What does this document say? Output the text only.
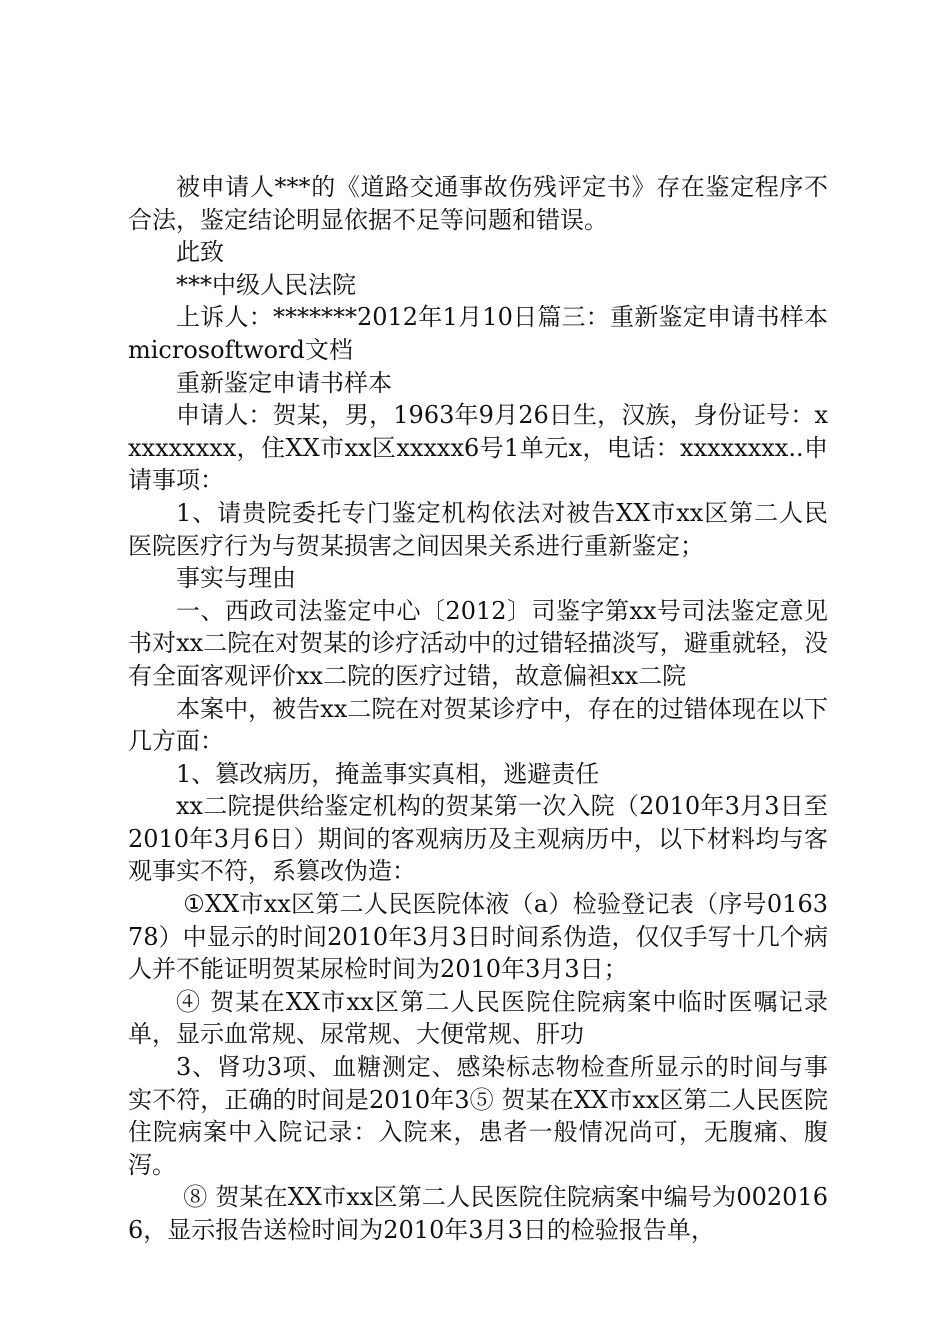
被申请人***的《道路交通事故伤残评定书》存在鉴定程序不合法，鉴定结论明显依据不足等问题和错误。

此致

***中级人民法院

上诉人：*******2012年1月10日篇三：重新鉴定申请书样本microsoftword文档

重新鉴定申请书样本

申请人：贺某，男，1963年9月26日生，汉族，身份证号：xxxxxxxxx，住XX市xx区xxxxx6号1单元x，电话：xxxxxxxx..申请事项：

1、请贵院委托专门鉴定机构依法对被告XX市xx区第二人民医院医疗行为与贺某损害之间因果关系进行重新鉴定；

事实与理由

一、西政司法鉴定中心〔2012〕司鉴字第xx号司法鉴定意见书对xx二院在对贺某的诊疗活动中的过错轻描淡写，避重就轻，没有全面客观评价xx二院的医疗过错，故意偏袒xx二院

本案中，被告xx二院在对贺某诊疗中，存在的过错体现在以下几方面：

1、篡改病历，掩盖事实真相，逃避责任

xx二院提供给鉴定机构的贺某第一次入院（2010年3月3日至2010年3月6日）期间的客观病历及主观病历中，以下材料均与客观事实不符，系篡改伪造：

①XX市xx区第二人民医院体液（a）检验登记表（序号016378）中显示的时间2010年3月3日时间系伪造，仅仅手写十几个病人并不能证明贺某尿检时间为2010年3月3日；

④ 贺某在XX市xx区第二人民医院住院病案中临时医嘱记录单，显示血常规、尿常规、大便常规、肝功

3、肾功3项、血糖测定、感染标志物检查所显示的时间与事实不符，正确的时间是2010年3⑤ 贺某在XX市xx区第二人民医院住院病案中入院记录：入院来，患者一般情况尚可，无腹痛、腹泻。

⑧ 贺某在XX市xx区第二人民医院住院病案中编号为0020166，显示报告送检时间为2010年3月3日的检验报告单，
